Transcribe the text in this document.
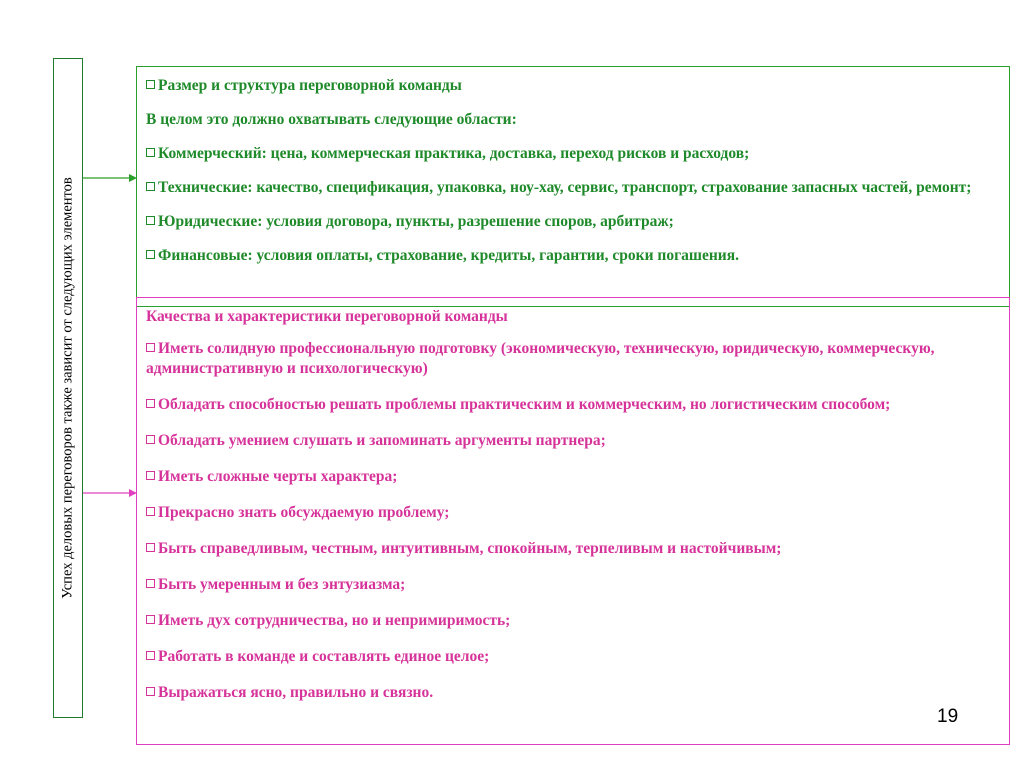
Успех деловых переговоров также зависит от следующих элементов
Размер и структура переговорной команды
В целом это должно охватывать следующие области:
Коммерческий: цена, коммерческая практика, доставка, переход рисков и расходов;
Технические: качество, спецификация, упаковка, ноу-хау, сервис, транспорт, страхование запасных частей, ремонт;
Юридические: условия договора, пункты, разрешение споров, арбитраж;
Финансовые: условия оплаты, страхование, кредиты, гарантии, сроки погашения.
Качества и характеристики переговорной команды
Иметь солидную профессиональную подготовку (экономическую, техническую, юридическую, коммерческую, административную и психологическую)
Обладать способностью решать проблемы практическим и коммерческим, но логистическим способом;
Обладать умением слушать и запоминать аргументы партнера;
Иметь сложные черты характера;
Прекрасно знать обсуждаемую проблему;
Быть справедливым, честным, интуитивным, спокойным, терпеливым и настойчивым;
Быть умеренным и без энтузиазма;
Иметь дух сотрудничества, но и непримиримость;
Работать в команде и составлять единое целое;
Выражаться ясно, правильно и связно.
19
